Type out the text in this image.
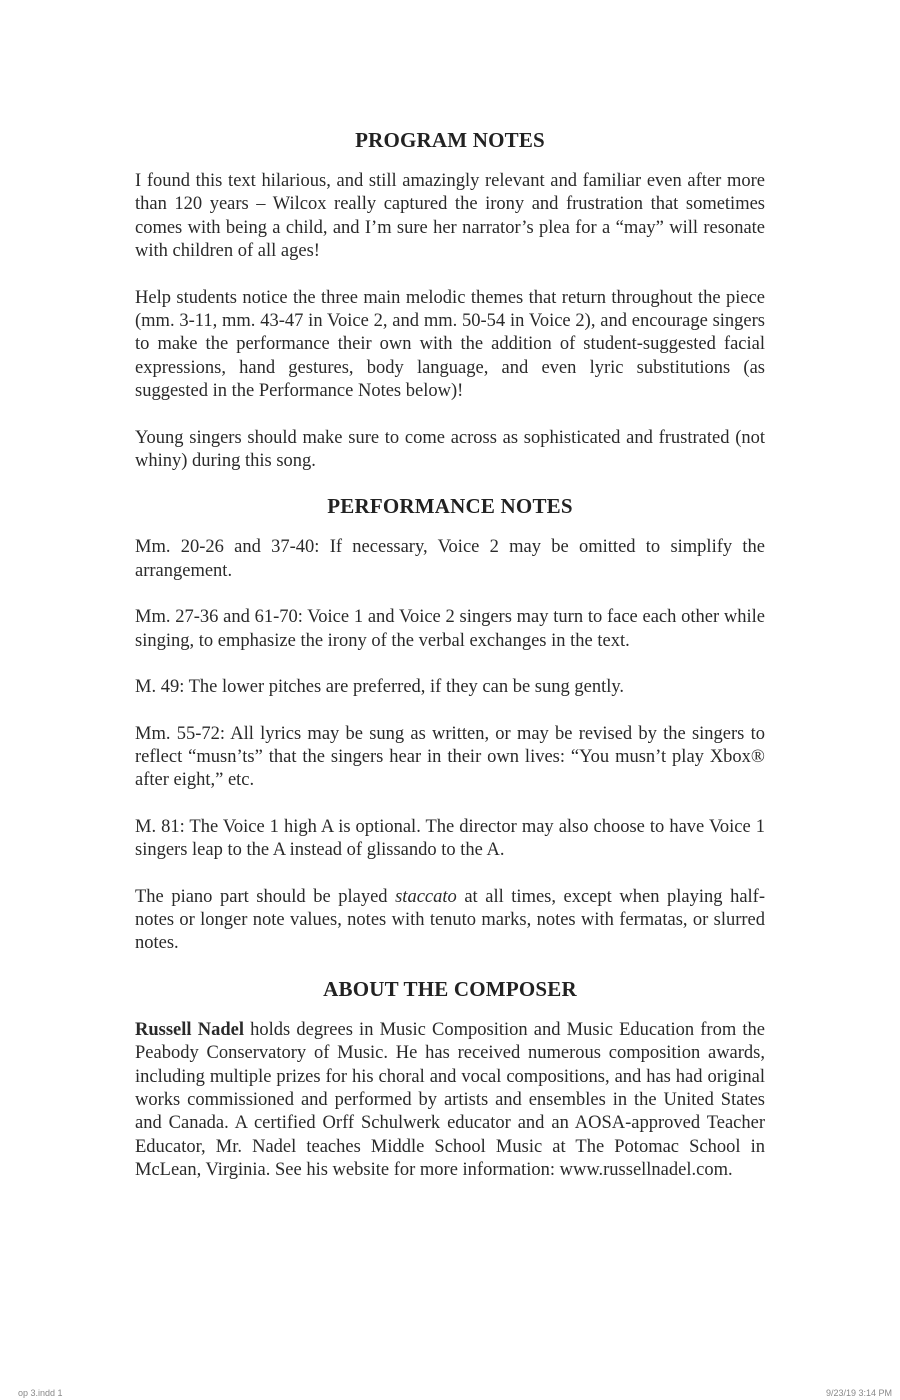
PROGRAM NOTES

I found this text hilarious, and still amazingly relevant and familiar even after more than 120 years – Wilcox really captured the irony and frustration that sometimes comes with being a child, and I’m sure her narrator’s plea for a “may” will resonate with children of all ages!

Help students notice the three main melodic themes that return throughout the piece (mm. 3-11, mm. 43-47 in Voice 2, and mm. 50-54 in Voice 2), and encourage singers to make the performance their own with the addition of student-suggested facial expressions, hand gestures, body language, and even lyric substitutions (as suggested in the Performance Notes below)!

Young singers should make sure to come across as sophisticated and frustrated (not whiny) during this song.

PERFORMANCE NOTES

Mm. 20-26 and 37-40: If necessary, Voice 2 may be omitted to simplify the arrangement.

Mm. 27-36 and 61-70: Voice 1 and Voice 2 singers may turn to face each other while singing, to emphasize the irony of the verbal exchanges in the text.

M. 49: The lower pitches are preferred, if they can be sung gently.

Mm. 55-72: All lyrics may be sung as written, or may be revised by the singers to reflect “musn’ts” that the singers hear in their own lives: “You musn’t play Xbox® after eight,” etc.

M. 81: The Voice 1 high A is optional. The director may also choose to have Voice 1 singers leap to the A instead of glissando to the A.

The piano part should be played staccato at all times, except when playing half-notes or longer note values, notes with tenuto marks, notes with fermatas, or slurred notes.

ABOUT THE COMPOSER

Russell Nadel holds degrees in Music Composition and Music Education from the Peabody Conservatory of Music. He has received numerous composition awards, including multiple prizes for his choral and vocal compositions, and has had original works commissioned and performed by artists and ensembles in the United States and Canada. A certified Orff Schulwerk educator and an AOSA-approved Teacher Educator, Mr. Nadel teaches Middle School Music at The Potomac School in McLean, Virginia. See his website for more information: www.russellnadel.com.

op 3.indd 1	9/23/19 3:14 PM
